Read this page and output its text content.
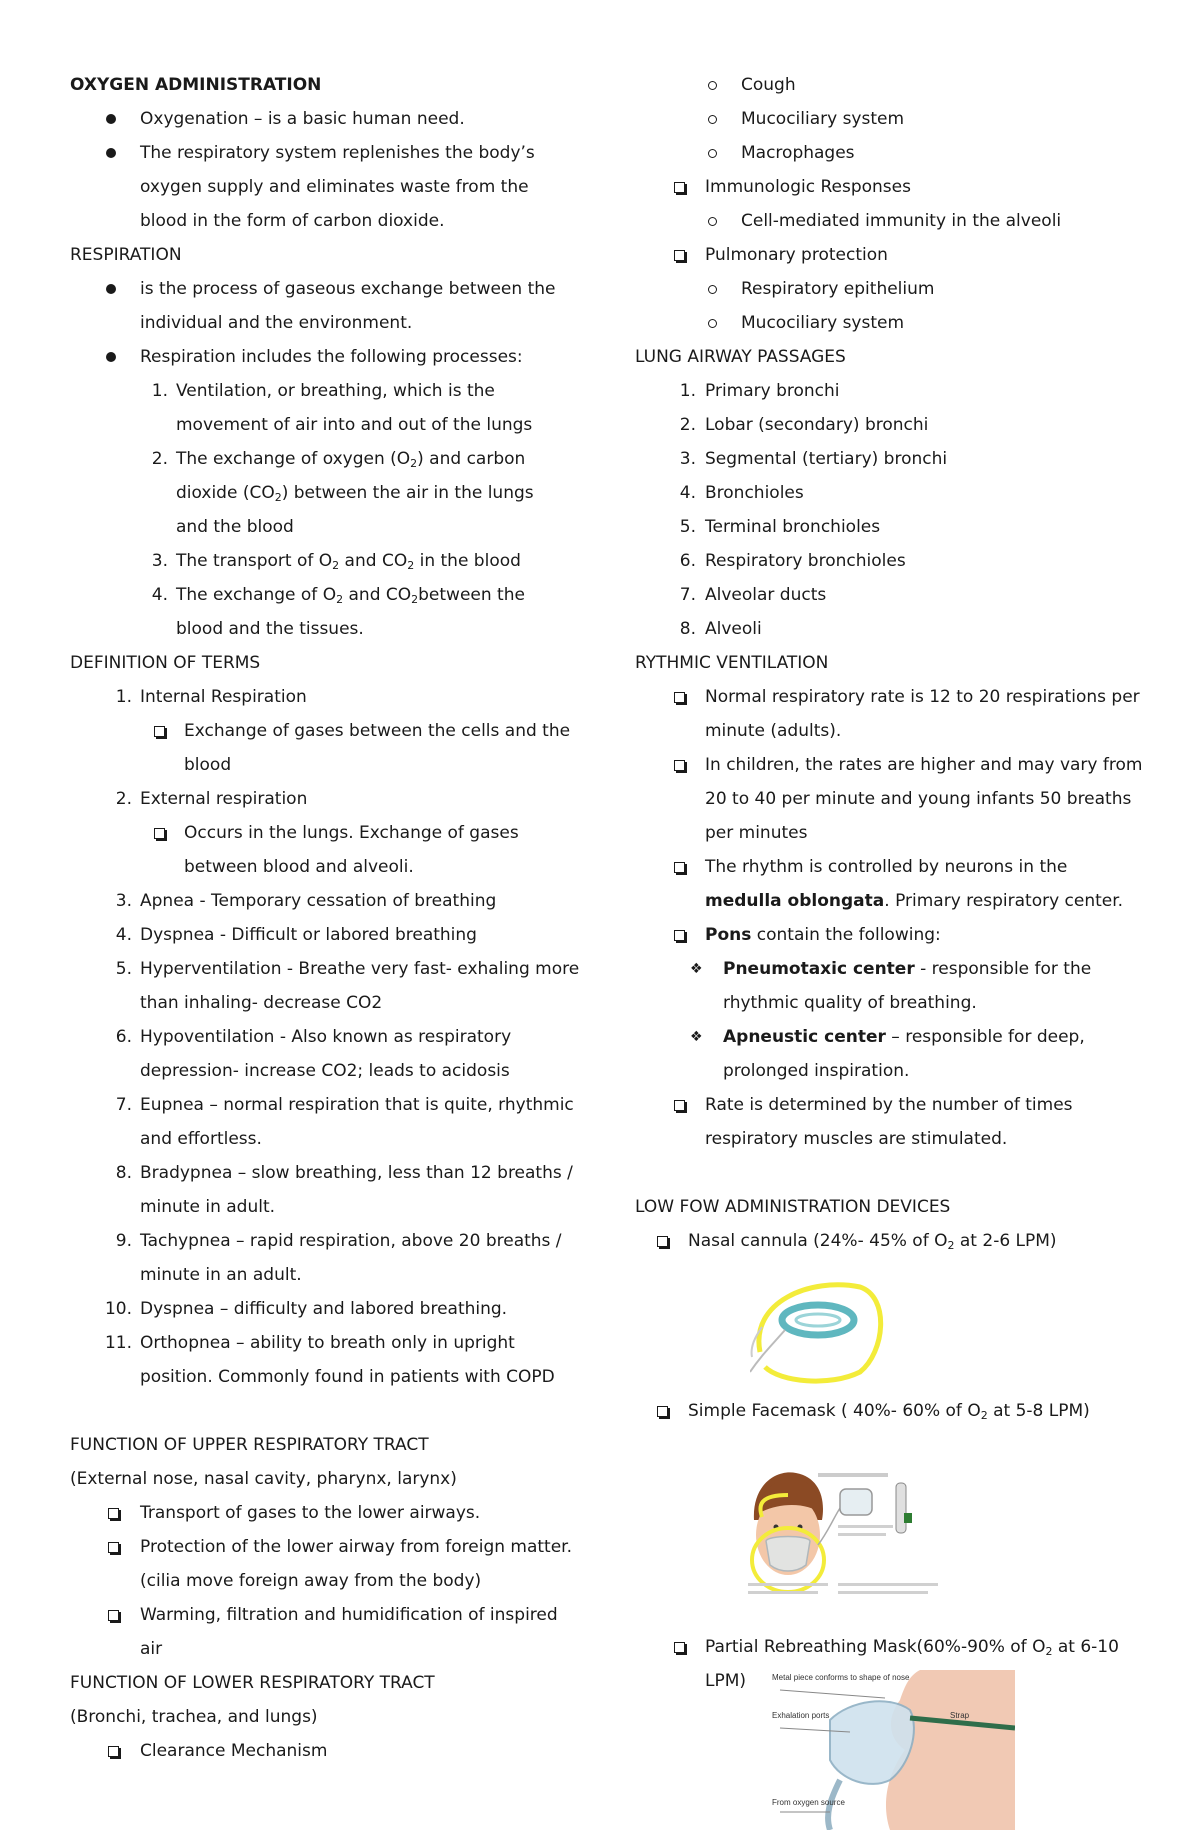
OXYGEN ADMINISTRATION
Oxygenation – is a basic human need.
The respiratory system replenishes the body’s
oxygen supply and eliminates waste from the
blood in the form of carbon dioxide.
RESPIRATION
is the process of gaseous exchange between the
individual and the environment.
Respiration includes the following processes:
1. Ventilation, or breathing, which is the
movement of air into and out of the lungs
2. The exchange of oxygen $(O_2)$ and carbon
dioxide $(CO_2)$ between the air in the lungs
and the blood
3. The transport of $O_2$ and $CO_2$ in the blood
4. The exchange of $O_2$ and $CO_2between$ the
blood and the tissues.
DEFINITION OF TERMS
1. Internal Respiration
Exchange of gases between the cells and the
blood
2. External respiration
Occurs in the lungs. Exchange of gases
between blood and alveoli.
3. Apnea - Temporary cessation of breathing
4. Dyspnea - Difficult or labored breathing
5. Hyperventilation - Breathe very fast- exhaling more
than inhaling- decrease CO2
6. Hypoventilation - Also known as respiratory
depression- increase CO2; leads to acidosis
7. Eupnea – normal respiration that is quite, rhythmic
and effortless.
8. Bradypnea – slow breathing, less than 12 breaths /
minute in adult.
9. Tachypnea – rapid respiration, above 20 breaths /
minute in an adult.
10. Dyspnea – difficulty and labored breathing.
11. Orthopnea – ability to breath only in upright
position. Commonly found in patients with COPD
FUNCTION OF UPPER RESPIRATORY TRACT
(External nose, nasal cavity, pharynx, larynx)
Transport of gases to the lower airways.
Protection of the lower airway from foreign matter.
(cilia move foreign away from the body)
Warming, filtration and humidification of inspired
air
FUNCTION OF LOWER RESPIRATORY TRACT
(Bronchi, trachea, and lungs)
Clearance Mechanism
Cough
Mucociliary system
Macrophages
Immunologic Responses
Cell-mediated immunity in the alveoli
Pulmonary protection
Respiratory epithelium
Mucociliary system
LUNG AIRWAY PASSAGES
1. Primary bronchi
2. Lobar (secondary) bronchi
3. Segmental (tertiary) bronchi
4. Bronchioles
5. Terminal bronchioles
6. Respiratory bronchioles
7. Alveolar ducts
8. Alveoli
RYTHMIC VENTILATION
Normal respiratory rate is 12 to 20 respirations per
minute (adults).
In children, the rates are higher and may vary from
20 to 40 per minute and young infants 50 breaths
per minutes
The rhythm is controlled by neurons in the
medulla oblongata. Primary respiratory center.
Pons contain the following:
❖ Pneumotaxic center - responsible for the
rhythmic quality of breathing.
❖ Apneustic center – responsible for deep,
prolonged inspiration.
Rate is determined by the number of times
respiratory muscles are stimulated.
LOW FOW ADMINISTRATION DEVICES
Nasal cannula (24%- 45% of $O_2$ at 2-6 LPM)
Simple Facemask ( 40%- 60% of $O_2$ at 5-8 LPM)
Partial Rebreathing Mask(60%-90% of $O_2$ at 6-10
LPM)	Metal piece conforms to shape of nose
Exhalation ports	Strap
From oxygen source
